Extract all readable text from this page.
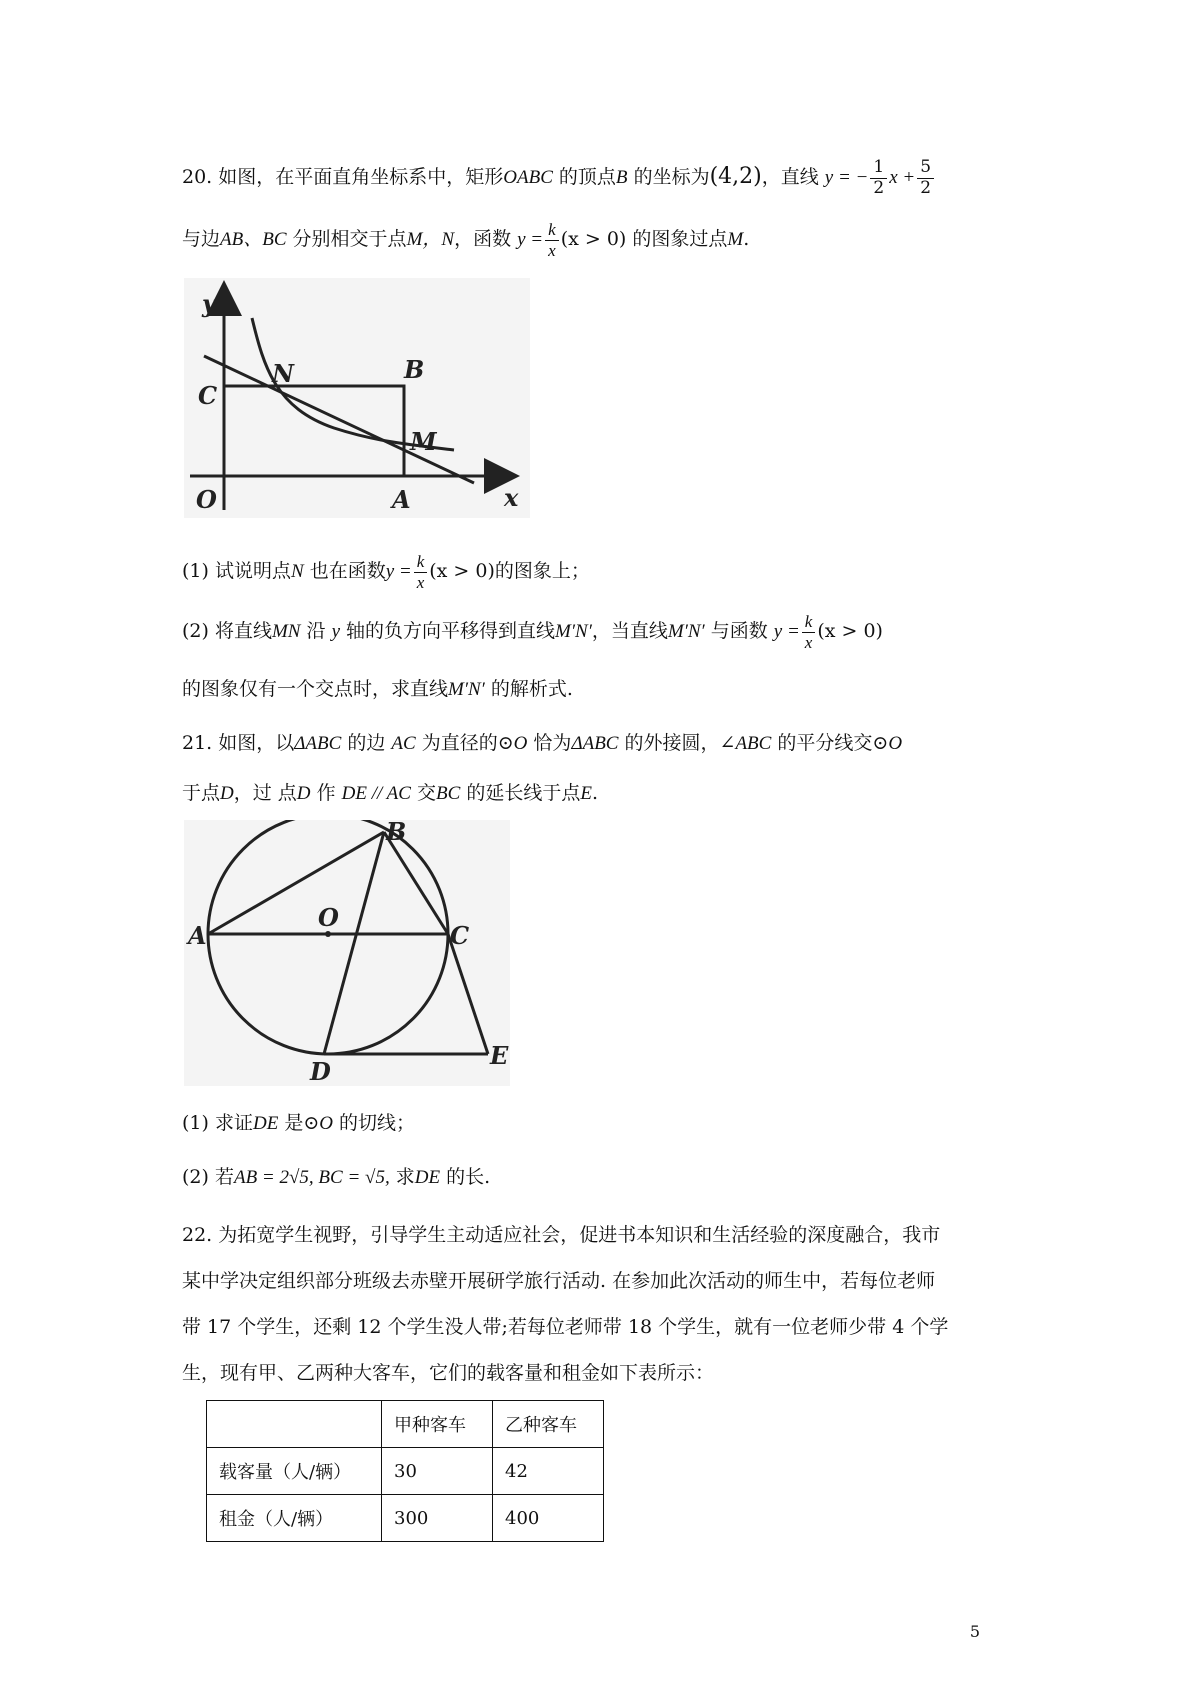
20. 如图，在平面直角坐标系中，矩形OABC 的顶点B 的坐标为(4,2)，直线 y = − $\frac{1}{2}$ $x + \frac{5}{2}$
与边AB、BC 分别相交于点M，N，函数 $y = \frac{k}{x} (x > 0)$ 的图象过点M.
y
x
O	A
B
C
N
M
(1) 试说明点N 也在函数$y = \frac{k}{x} (x > 0)$的图象上；
(2) 将直线MN 沿 y 轴的负方向平移得到直线M′N′，当直线M′N′ 与函数 $y = \frac{k}{x} (x > 0)$
的图象仅有一个交点时，求直线M′N′ 的解析式.
21. 如图，以ΔABC 的边 AC 为直径的⊙O 恰为ΔABC 的外接圆，∠ABC 的平分线交⊙O
于点D，过 点D 作 DE // AC 交BC 的延长线于点E.
A
B
C
D
E
O
(1) 求证DE 是⊙O 的切线；
(2) 若AB = 2√5, BC = √5, 求DE 的长.
22. 为拓宽学生视野，引导学生主动适应社会，促进书本知识和生活经验的深度融合，我市
某中学决定组织部分班级去赤壁开展研学旅行活动. 在参加此次活动的师生中，若每位老师
带 17 个学生，还剩 12 个学生没人带;若每位老师带 18 个学生，就有一位老师少带 4 个学
生，现有甲、乙两种大客车，它们的载客量和租金如下表所示：
	甲种客车	乙种客车
载客量（人/辆）	30	42
租金（人/辆）	300	400
5
